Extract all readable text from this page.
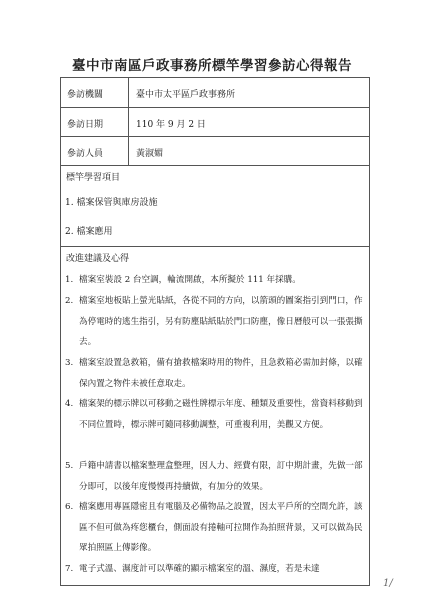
臺中市南區戶政事務所標竿學習參訪心得報告
參訪機關	臺中市太平區戶政事務所
參訪日期	110 年 9 月 2 日
參訪人員	黃淑媚
標竿學習項目
1. 檔案保管與庫房設施
2. 檔案應用
改進建議及心得
1. 檔案室裝設 2 台空調，輪流開啟，本所擬於 111 年採購。
2. 檔案室地板貼上螢光貼紙，各從不同的方向，以箭頭的圖案指引到門口，作為停電時的逃生指引，另有防塵貼紙貼於門口防塵，像日曆般可以一張張撕去。
3. 檔案室設置急救箱，備有搶救檔案時用的物件，且急救箱必需加封條，以確保內置之物件未被任意取走。
4. 檔案架的標示牌以可移動之磁性牌標示年度、種類及重要性，當資料移動到不同位置時，標示牌可隨同移動調整，可重複利用，美觀又方便。
5. 戶籍申請書以檔案整理盒整理，因人力、經費有限，訂中期計畫，先做一部分即可，以後年度慢慢再持續做，有加分的效果。
6. 檔案應用專區隱密且有電腦及必備物品之設置，因太平戶所的空間允許，該區不但可做為疼您櫃台，側面設有捲軸可拉開作為拍照背景，又可以做為民眾拍照區上傳影像。
7. 電子式溫、濕度計可以準確的顯示檔案室的溫、濕度，若是未達
1/
